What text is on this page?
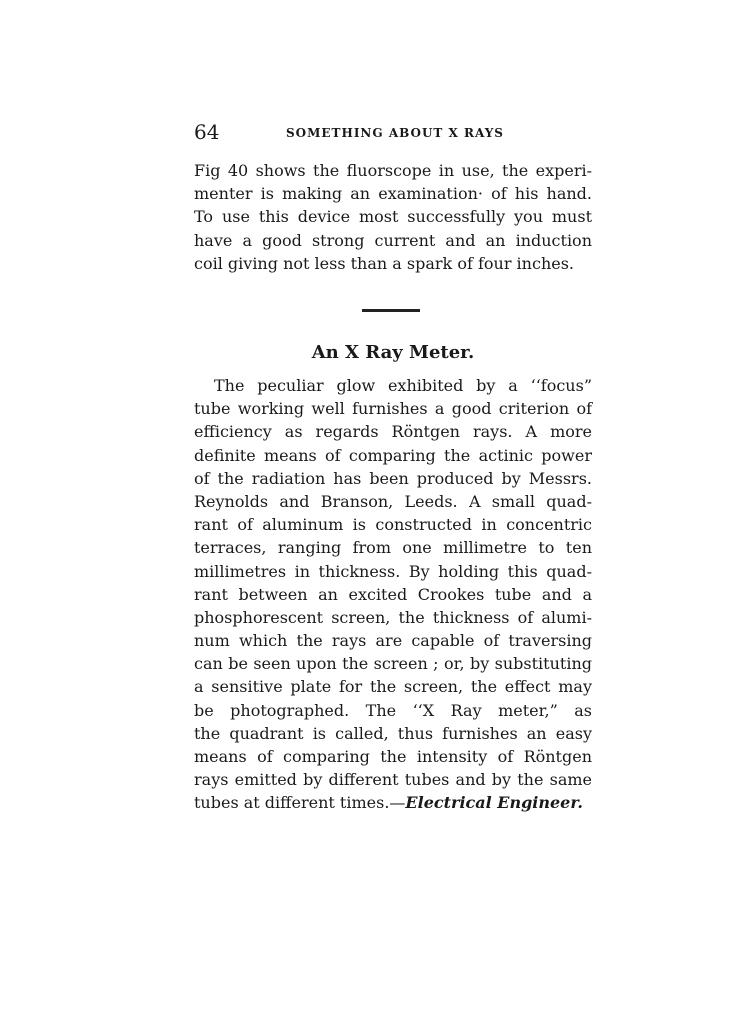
64	SOMETHING ABOUT X RAYS
Fig 40 shows the fluorscope in use, the experi-
menter is making an examination· of his hand.
To use this device most successfully you must
have a good strong current and an induction
coil giving not less than a spark of four inches.
An X Ray Meter.
The peculiar glow exhibited by a ‘‘focus”
tube working well furnishes a good criterion of
efficiency as regards Röntgen rays. A more
definite means of comparing the actinic power
of the radiation has been produced by Messrs.
Reynolds and Branson, Leeds. A small quad-
rant of aluminum is constructed in concentric
terraces, ranging from one millimetre to ten
millimetres in thickness. By holding this quad-
rant between an excited Crookes tube and a
phosphorescent screen, the thickness of alumi-
num which the rays are capable of traversing
can be seen upon the screen ; or, by substituting
a sensitive plate for the screen, the effect may
be photographed. The ‘‘X Ray meter,” as
the quadrant is called, thus furnishes an easy
means of comparing the intensity of Röntgen
rays emitted by different tubes and by the same
tubes at different times.—Electrical Engineer.
